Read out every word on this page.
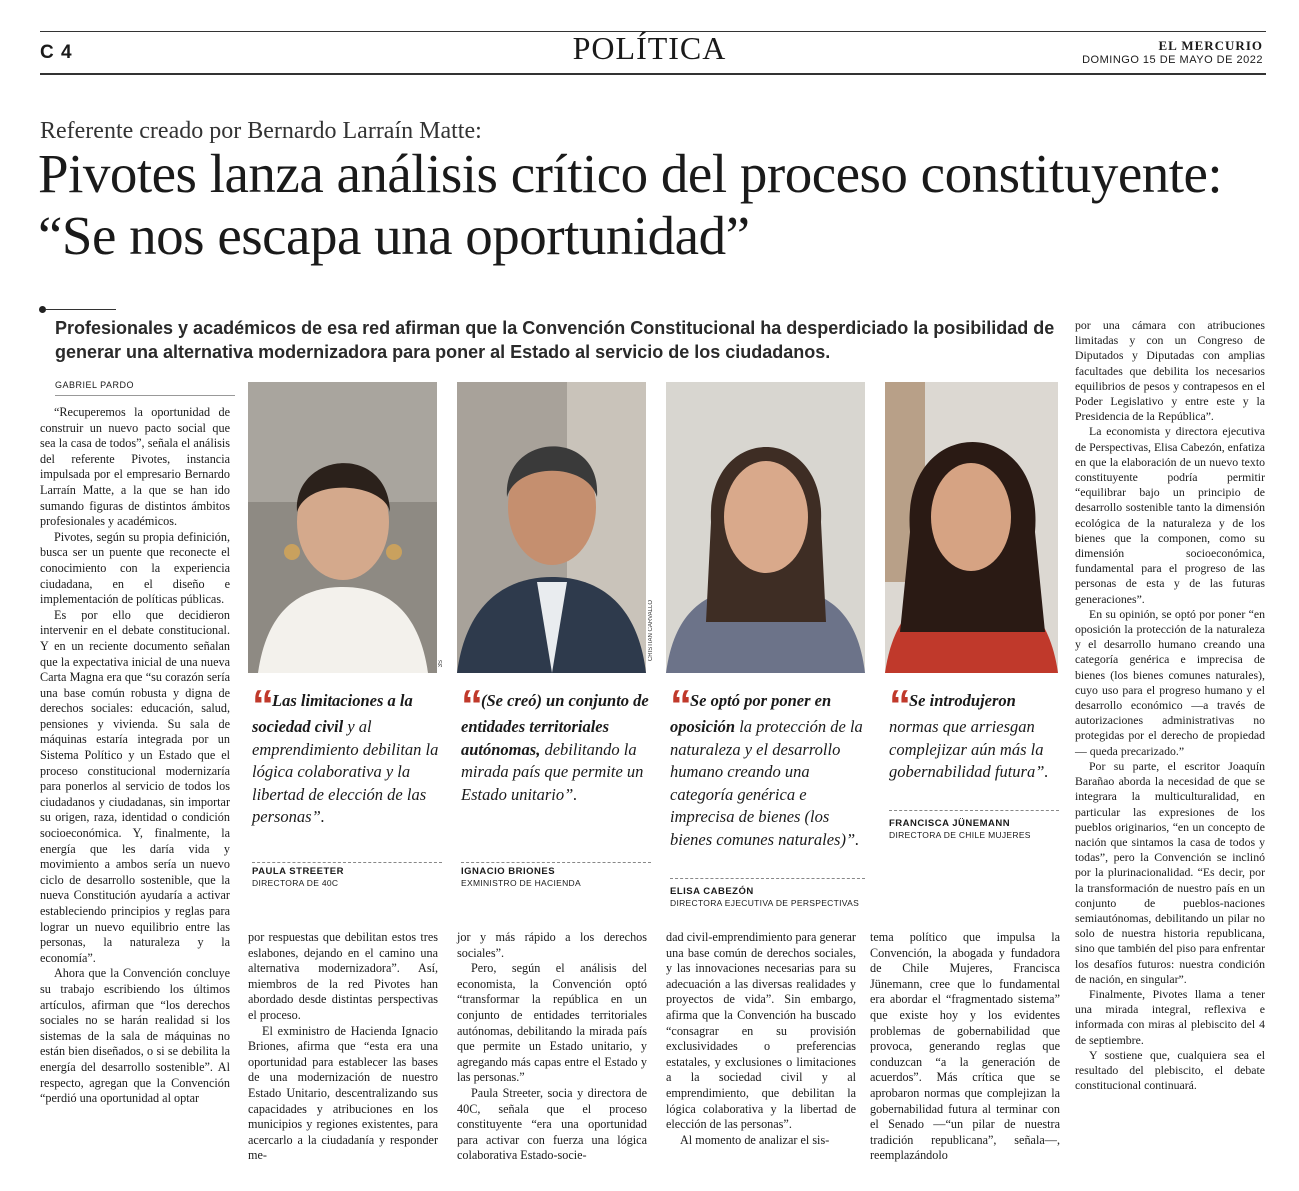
C 4	POLÍTICA	EL MERCURIO
DOMINGO 15 DE MAYO DE 2022
Referente creado por Bernardo Larraín Matte:
Pivotes lanza análisis crítico del proceso constituyente: “Se nos escapa una oportunidad”
Profesionales y académicos de esa red afirman que la Convención Constitucional ha desperdiciado la posibilidad de generar una alternativa modernizadora para poner al Estado al servicio de los ciudadanos.
GABRIEL PARDO

“Recuperemos la oportunidad de construir un nuevo pacto social que sea la casa de todos”, señala el análisis del referente Pivotes, instancia impulsada por el empresario Bernardo Larraín Matte, a la que se han ido sumando figuras de distintos ámbitos profesionales y académicos.

Pivotes, según su propia definición, busca ser un puente que reconecte el conocimiento con la experiencia ciudadana, en el diseño e implementación de políticas públicas.

Es por ello que decidieron intervenir en el debate constitucional. Y en un reciente documento señalan que la expectativa inicial de una nueva Carta Magna era que “su corazón sería una base común robusta y digna de derechos sociales: educación, salud, pensiones y vivienda. Su sala de máquinas estaría integrada por un Sistema Político y un Estado que el proceso constitucional modernizaría para ponerlos al servicio de todos los ciudadanos y ciudadanas, sin importar su origen, raza, identidad o condición socioeconómica. Y, finalmente, la energía que les daría vida y movimiento a ambos sería un nuevo ciclo de desarrollo sostenible, que la nueva Constitución ayudaría a activar estableciendo principios y reglas para lograr un nuevo equilibrio entre las personas, la naturaleza y la economía”.

Ahora que la Convención concluye su trabajo escribiendo los últimos artículos, afirman que “los derechos sociales no se harán realidad si los sistemas de la sala de máquinas no están bien diseñados, o si se debilita la energía del desarrollo sostenible”. Al respecto, agregan que la Convención “perdió una oportunidad al optar

3S
CRISTIAN CARVALLO
“ Las limitaciones a la sociedad civil y al emprendimiento debilitan la lógica colaborativa y la libertad de elección de las personas”.
PAULA STREETER
DIRECTORA DE 40C
“ (Se creó) un conjunto de entidades territoriales autónomas, debilitando la mirada país que permite un Estado unitario”.
IGNACIO BRIONES
EXMINISTRO DE HACIENDA
“ Se optó por poner en oposición la protección de la naturaleza y el desarrollo humano creando una categoría genérica e imprecisa de bienes (los bienes comunes naturales)”.
ELISA CABEZÓN
DIRECTORA EJECUTIVA DE PERSPECTIVAS
“ Se introdujeron normas que arriesgan complejizar aún más la gobernabilidad futura”.
FRANCISCA JÜNEMANN
DIRECTORA DE CHILE MUJERES

por respuestas que debilitan estos tres eslabones, dejando en el camino una alternativa modernizadora”. Así, miembros de la red Pivotes han abordado desde distintas perspectivas el proceso.

El exministro de Hacienda Ignacio Briones, afirma que “esta era una oportunidad para establecer las bases de una modernización de nuestro Estado Unitario, descentralizando sus capacidades y atribuciones en los municipios y regiones existentes, para acercarlo a la ciudadanía y responder me-

jor y más rápido a los derechos sociales”.

Pero, según el análisis del economista, la Convención optó “transformar la república en un conjunto de entidades territoriales autónomas, debilitando la mirada país que permite un Estado unitario, y agregando más capas entre el Estado y las personas.”

Paula Streeter, socia y directora de 40C, señala que el proceso constituyente “era una oportunidad para activar con fuerza una lógica colaborativa Estado-socie-

dad civil-emprendimiento para generar una base común de derechos sociales, y las innovaciones necesarias para su adecuación a las diversas realidades y proyectos de vida”. Sin embargo, afirma que la Convención ha buscado “consagrar en su provisión exclusividades o preferencias estatales, y exclusiones o limitaciones a la sociedad civil y al emprendimiento, que debilitan la lógica colaborativa y la libertad de elección de las personas”.

Al momento de analizar el sis-

tema político que impulsa la Convención, la abogada y fundadora de Chile Mujeres, Francisca Jünemann, cree que lo fundamental era abordar el “fragmentado sistema” que existe hoy y los evidentes problemas de gobernabilidad que provoca, generando reglas que conduzcan “a la generación de acuerdos”. Más crítica que se aprobaron normas que complejizan la gobernabilidad futura al terminar con el Senado —“un pilar de nuestra tradición republicana”, señala—, reemplazándolo

por una cámara con atribuciones limitadas y con un Congreso de Diputados y Diputadas con amplias facultades que debilita los necesarios equilibrios de pesos y contrapesos en el Poder Legislativo y entre este y la Presidencia de la República”.

La economista y directora ejecutiva de Perspectivas, Elisa Cabezón, enfatiza en que la elaboración de un nuevo texto constituyente podría permitir “equilibrar bajo un principio de desarrollo sostenible tanto la dimensión ecológica de la naturaleza y de los bienes que la componen, como su dimensión socioeconómica, fundamental para el progreso de las personas de esta y de las futuras generaciones”.

En su opinión, se optó por poner “en oposición la protección de la naturaleza y el desarrollo humano creando una categoría genérica e imprecisa de bienes (los bienes comunes naturales), cuyo uso para el progreso humano y el desarrollo económico —a través de autorizaciones administrativas no protegidas por el derecho de propiedad— queda precarizado.”

Por su parte, el escritor Joaquín Barañao aborda la necesidad de que se integrara la multiculturalidad, en particular las expresiones de los pueblos originarios, “en un concepto de nación que sintamos la casa de todos y todas”, pero la Convención se inclinó por la plurinacionalidad. “Es decir, por la transformación de nuestro país en un conjunto de pueblos-naciones semiautónomas, debilitando un pilar no solo de nuestra historia republicana, sino que también del piso para enfrentar los desafíos futuros: nuestra condición de nación, en singular”.

Finalmente, Pivotes llama a tener una mirada integral, reflexiva e informada con miras al plebiscito del 4 de septiembre.

Y sostiene que, cualquiera sea el resultado del plebiscito, el debate constitucional continuará.
